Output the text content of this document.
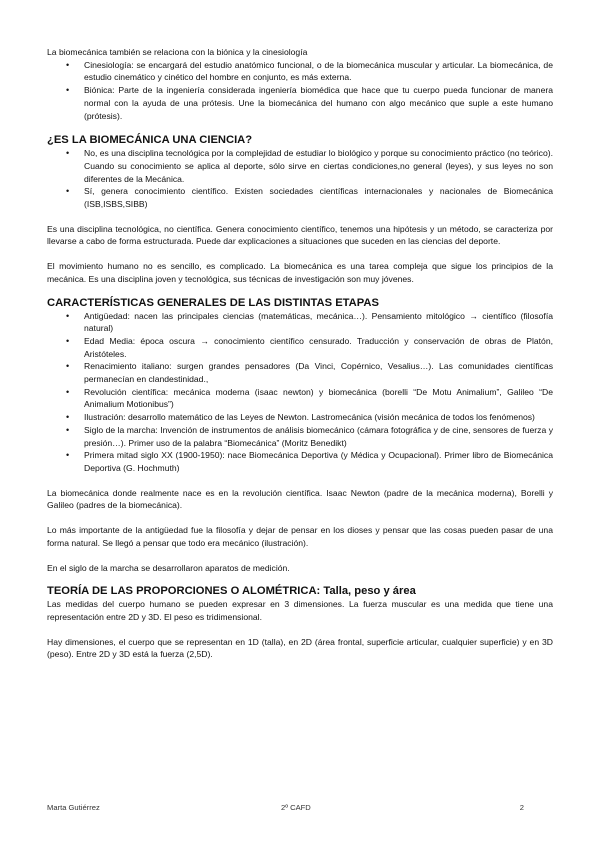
La biomecánica también se relaciona con la biónica y la cinesiología

• Cinesiología: se encargará del estudio anatómico funcional, o de la biomecánica muscular y articular. La biomecánica, de estudio cinemático y cinético del hombre en conjunto, es más externa.
• Biónica: Parte de la ingeniería considerada ingeniería biomédica que hace que tu cuerpo pueda funcionar de manera normal con la ayuda de una prótesis. Une la biomecánica del humano con algo mecánico que suple a este humano (prótesis).
¿ES LA BIOMECÁNICA UNA CIENCIA?
• No, es una disciplina tecnológica por la complejidad de estudiar lo biológico y porque su conocimiento práctico (no teórico). Cuando su conocimiento se aplica al deporte, sólo sirve en ciertas condiciones,no general (leyes), y sus leyes no son diferentes de la Mecánica.
• Sí, genera conocimiento científico. Existen sociedades científicas internacionales y nacionales de Biomecánica (ISB,ISBS,SIBB)

Es una disciplina tecnológica, no científica. Genera conocimiento científico, tenemos una hipótesis y un método, se caracteriza por llevarse a cabo de forma estructurada. Puede dar explicaciones a situaciones que suceden en las ciencias del deporte.

El movimiento humano no es sencillo, es complicado. La biomecánica es una tarea compleja que sigue los principios de la mecánica. Es una disciplina joven y tecnológica, sus técnicas de investigación son muy jóvenes.

CARACTERÍSTICAS GENERALES DE LAS DISTINTAS ETAPAS
• Antigüedad: nacen las principales ciencias (matemáticas, mecánica…). Pensamiento mitológico → científico (filosofía natural)
• Edad Media: época oscura → conocimiento científico censurado. Traducción y conservación de obras de Platón, Aristóteles.
• Renacimiento italiano: surgen grandes pensadores (Da Vinci, Copérnico, Vesalius…). Las comunidades científicas permanecían en clandestinidad.,
• Revolución científica: mecánica moderna (isaac newton) y biomecánica (borelli “De Motu Animalium”, Galileo “De Animalium Motionibus”)
• Ilustración: desarrollo matemático de las Leyes de Newton. Lastromecánica (visión mecánica de todos los fenómenos)
• Siglo de la marcha: Invención de instrumentos de análisis biomecánico (cámara fotográfica y de cine, sensores de fuerza y presión…). Primer uso de la palabra “Biomecánica” (Moritz Benedikt)
• Primera mitad siglo XX (1900-1950): nace Biomecánica Deportiva (y Médica y Ocupacional). Primer libro de Biomecánica Deportiva (G. Hochmuth)

La biomecánica donde realmente nace es en la revolución científica. Isaac Newton (padre de la mecánica moderna), Borelli y Galileo (padres de la biomecánica).

Lo más importante de la antigüedad fue la filosofía y dejar de pensar en los dioses y pensar que las cosas pueden pasar de una forma natural. Se llegó a pensar que todo era mecánico (ilustración).

En el siglo de la marcha se desarrollaron aparatos de medición.

TEORÍA DE LAS PROPORCIONES O ALOMÉTRICA: Talla, peso y área

Las medidas del cuerpo humano se pueden expresar en 3 dimensiones. La fuerza muscular es una medida que tiene una representación entre 2D y 3D. El peso es tridimensional.

Hay dimensiones, el cuerpo que se representan en 1D (talla), en 2D (área frontal, superficie articular, cualquier superficie) y en 3D (peso). Entre 2D y 3D está la fuerza (2,5D).

Marta Gutiérrez	2º CAFD	2
